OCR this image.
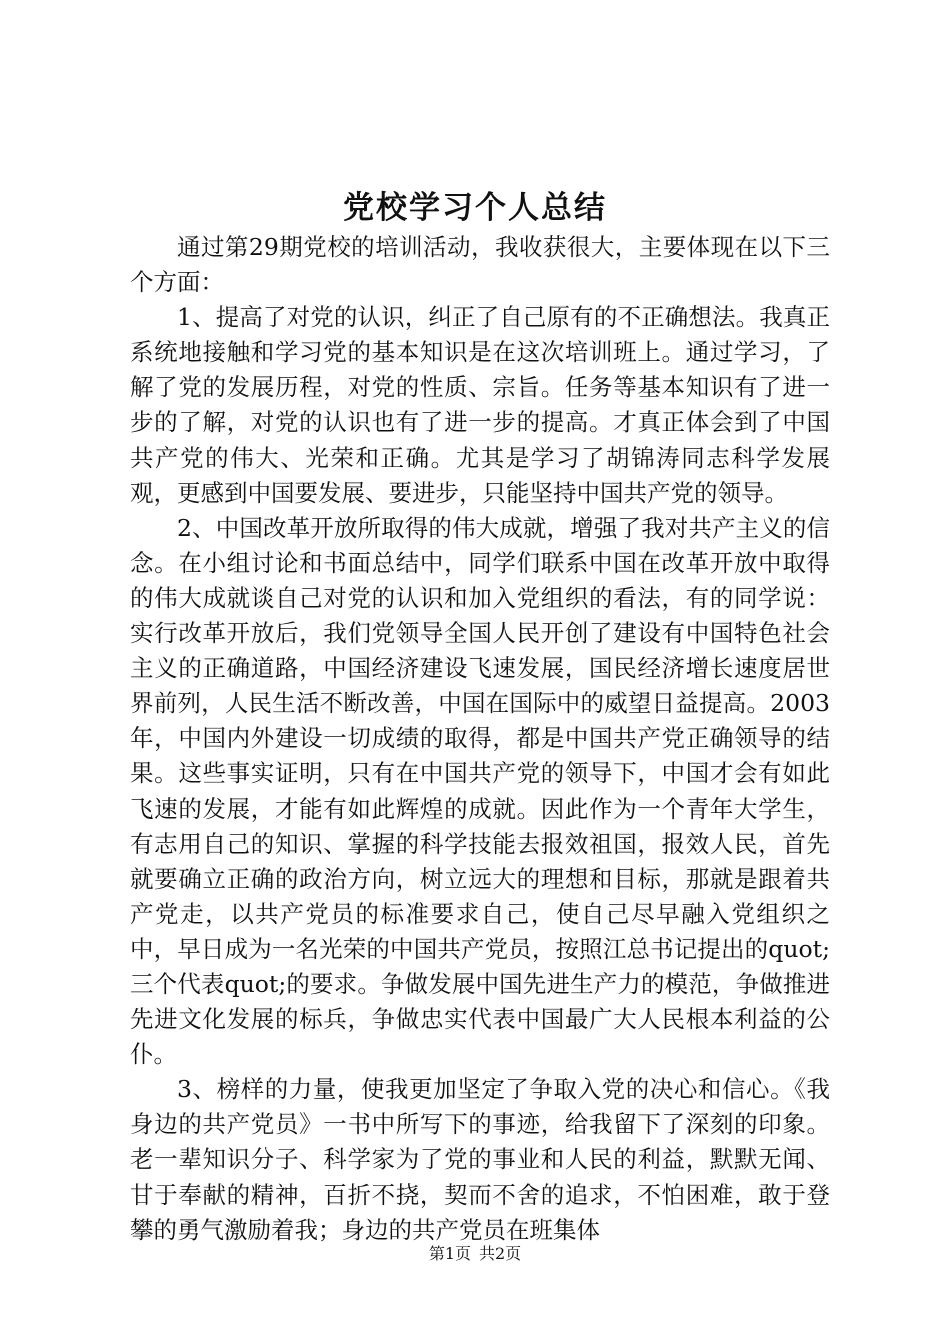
党校学习个人总结

通过第29期党校的培训活动，我收获很大，主要体现在以下三个方面：

1、提高了对党的认识，纠正了自己原有的不正确想法。我真正系统地接触和学习党的基本知识是在这次培训班上。通过学习，了解了党的发展历程，对党的性质、宗旨。任务等基本知识有了进一步的了解，对党的认识也有了进一步的提高。才真正体会到了中国共产党的伟大、光荣和正确。尤其是学习了胡锦涛同志科学发展观，更感到中国要发展、要进步，只能坚持中国共产党的领导。

2、中国改革开放所取得的伟大成就，增强了我对共产主义的信念。在小组讨论和书面总结中，同学们联系中国在改革开放中取得的伟大成就谈自己对党的认识和加入党组织的看法，有的同学说：实行改革开放后，我们党领导全国人民开创了建设有中国特色社会主义的正确道路，中国经济建设飞速发展，国民经济增长速度居世界前列，人民生活不断改善，中国在国际中的威望日益提高。2003年，中国内外建设一切成绩的取得，都是中国共产党正确领导的结果。这些事实证明，只有在中国共产党的领导下，中国才会有如此飞速的发展，才能有如此辉煌的成就。因此作为一个青年大学生，有志用自己的知识、掌握的科学技能去报效祖国，报效人民，首先就要确立正确的政治方向，树立远大的理想和目标，那就是跟着共产党走，以共产党员的标准要求自己，使自己尽早融入党组织之中，早日成为一名光荣的中国共产党员，按照江总书记提出的quot;三个代表quot;的要求。争做发展中国先进生产力的模范，争做推进先进文化发展的标兵，争做忠实代表中国最广大人民根本利益的公仆。

3、榜样的力量，使我更加坚定了争取入党的决心和信心。《我身边的共产党员》一书中所写下的事迹，给我留下了深刻的印象。老一辈知识分子、科学家为了党的事业和人民的利益，默默无闻、甘于奉献的精神，百折不挠，契而不舍的追求，不怕困难，敢于登攀的勇气激励着我；身边的共产党员在班集体

第1页 共2页
